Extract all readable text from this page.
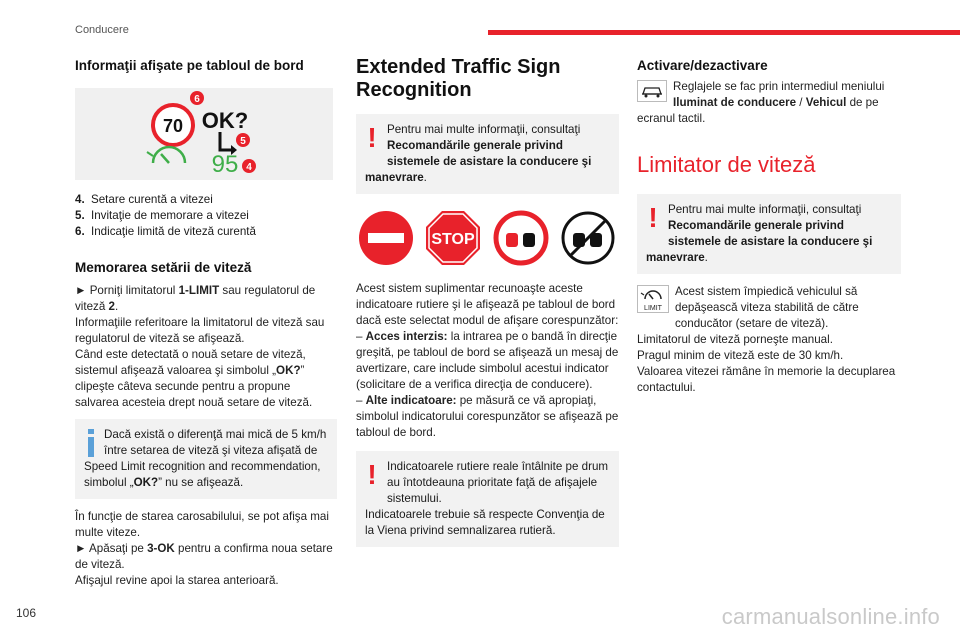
Conducere
106
Informaţii afişate pe tabloul de bord
70 OK?
95
6
5
4
4. Setare curentă a vitezei
5. Invitaţie de memorare a vitezei
6. Indicaţie limită de viteză curentă
Memorarea setării de viteză

► Porniţi limitatorul 1-LIMIT sau regulatorul de viteză 2.

Informaţiile referitoare la limitatorul de viteză sau regulatorul de viteză se afişează.

Când este detectată o nouă setare de viteză, sistemul afişează valoarea şi simbolul „OK?” clipeşte câteva secunde pentru a propune salvarea acesteia drept nouă setare de viteză.

Dacă există o diferenţă mai mică de 5 km/h între setarea de viteză şi viteza afişată de Speed Limit recognition and recommendation, simbolul „OK?” nu se afişează.

În funcţie de starea carosabilului, se pot afişa mai multe viteze.

► Apăsaţi pe 3-OK pentru a confirma noua setare de viteză.

Afişajul revine apoi la starea anterioară.

Extended Traffic Sign Recognition
! Pentru mai multe informaţii, consultaţi Recomandările generale privind sistemele de asistare la conducere şi manevrare.
STOP

Acest sistem suplimentar recunoaşte aceste indicatoare rutiere şi le afişează pe tabloul de bord dacă este selectat modul de afişare corespunzător:

– Acces interzis: la intrarea pe o bandă în direcţie greşită, pe tabloul de bord se afişează un mesaj de avertizare, care include simbolul acestui indicator (solicitare de a verifica direcţia de conducere).

– Alte indicatoare: pe măsură ce vă apropiaţi, simbolul indicatorului corespunzător se afişează pe tabloul de bord.

! Indicatoarele rutiere reale întâlnite pe drum au întotdeauna prioritate faţă de afişajele sistemului.
Indicatoarele trebuie să respecte Convenţia de la Viena privind semnalizarea rutieră.
Activare/dezactivare

Reglajele se fac prin intermediul meniului Iluminat de conducere / Vehicul de pe ecranul tactil.

Limitator de viteză
! Pentru mai multe informaţii, consultaţi Recomandările generale privind sistemele de asistare la conducere şi manevrare.

LIMIT
Acest sistem împiedică vehiculul să depăşească viteza stabilită de către conducător (setare de viteză).

Limitatorul de viteză porneşte manual.

Pragul minim de viteză este de 30 km/h.

Valoarea vitezei rămâne în memorie la decuplarea contactului.

carmanualsonline.info
